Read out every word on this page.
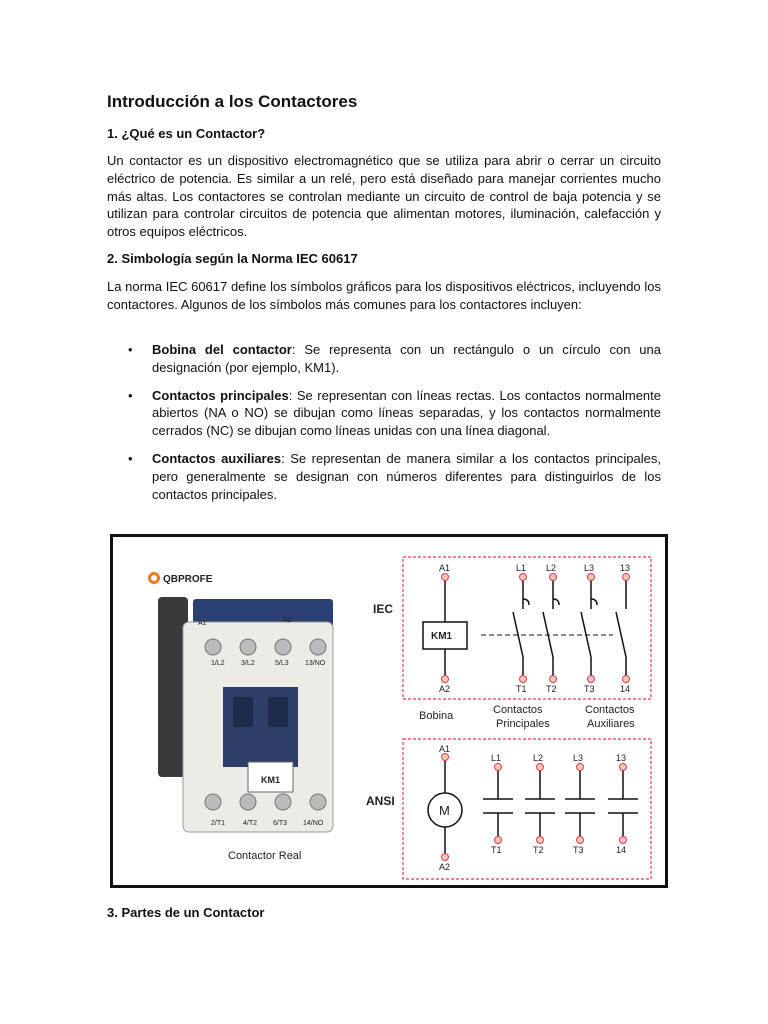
Introducción a los Contactores
1. ¿Qué es un Contactor?

Un contactor es un dispositivo electromagnético que se utiliza para abrir o cerrar un circuito eléctrico de potencia. Es similar a un relé, pero está diseñado para manejar corrientes mucho más altas. Los contactores se controlan mediante un circuito de control de baja potencia y se utilizan para controlar circuitos de potencia que alimentan motores, iluminación, calefacción y otros equipos eléctricos.

2. Simbología según la Norma IEC 60617

La norma IEC 60617 define los símbolos gráficos para los dispositivos eléctricos, incluyendo los contactores. Algunos de los símbolos más comunes para los contactores incluyen:

• Bobina del contactor: Se representa con un rectángulo o un círculo con una designación (por ejemplo, KM1).
• Contactos principales: Se representan con líneas rectas. Los contactos normalmente abiertos (NA o NO) se dibujan como líneas separadas, y los contactos normalmente cerrados (NC) se dibujan como líneas unidas con una línea diagonal.
• Contactos auxiliares: Se representan de manera similar a los contactos principales, pero generalmente se designan con números diferentes para distinguirlos de los contactos principales.
3. Partes de un Contactor
QBPROFE
A1	A2
1/L2 3/L2	5/L3 13/NO
KM1
2/T1	4/T2 6/T3 14/NO
Contactor Real
IEC
KM1
A1
A2
L1 L2	L3	13
T1 T2	T3	14
Bobina	Contactos
Principales
Contactos
Auxiliares
ANSI
M
A1
A2
L1	L2	L3	13
T1	T2	T3	14
